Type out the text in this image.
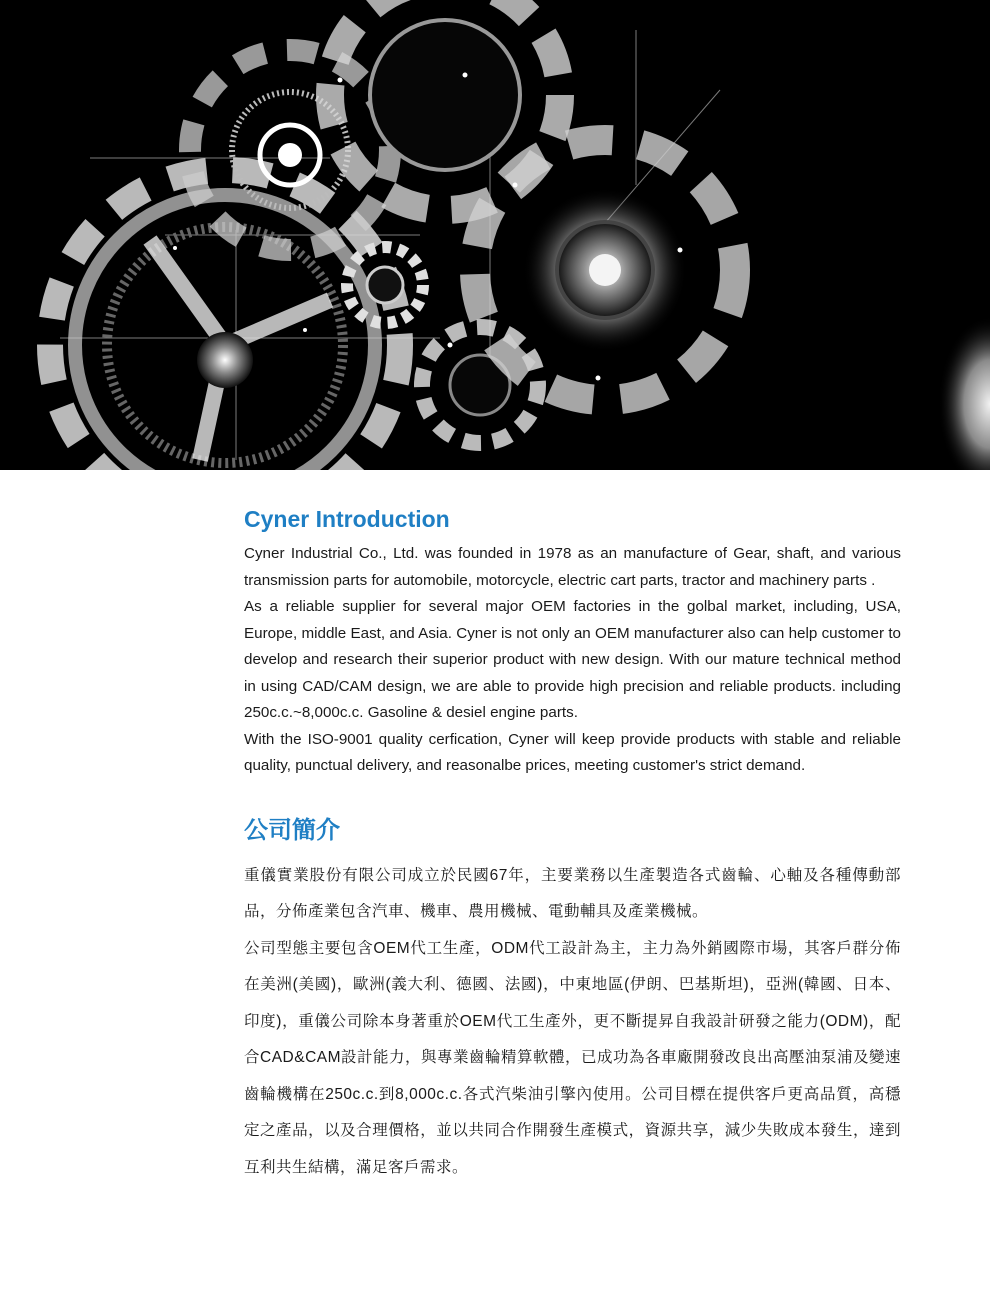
Cyner Introduction

Cyner Industrial Co., Ltd. was founded in 1978 as an manufacture of Gear, shaft, and various transmission parts for automobile, motorcycle, electric cart parts, tractor and machinery parts .

As a reliable supplier for several major OEM factories in the golbal market, including, USA, Europe, middle East, and Asia. Cyner is not only an OEM manufacturer also can help customer to develop and research their superior product with new design. With our mature technical method in using CAD/CAM design, we are able to provide high precision and reliable products. including 250c.c.~8,000c.c. Gasoline & desiel engine parts.

With the ISO-9001 quality cerfication, Cyner will keep provide products with stable and reliable quality, punctual delivery, and reasonalbe prices, meeting customer's strict demand.

公司簡介

重儀實業股份有限公司成立於民國67年，主要業務以生產製造各式齒輪、心軸及各種傳動部品，分佈產業包含汽車、機車、農用機械、電動輔具及產業機械。

公司型態主要包含OEM代工生產，ODM代工設計為主，主力為外銷國際市場，其客戶群分佈在美洲(美國)，歐洲(義大利、德國、法國)，中東地區(伊朗、巴基斯坦)，亞洲(韓國、日本、印度)，重儀公司除本身著重於OEM代工生產外，更不斷提昇自我設計研發之能力(ODM)，配合CAD&CAM設計能力，與專業齒輪精算軟體，已成功為各車廠開發改良出高壓油泵浦及變速齒輪機構在250c.c.到8,000c.c.各式汽柴油引擎內使用。公司目標在提供客戶更高品質，高穩定之產品，以及合理價格，並以共同合作開發生產模式，資源共享，減少失敗成本發生，達到互利共生結構，滿足客戶需求。
